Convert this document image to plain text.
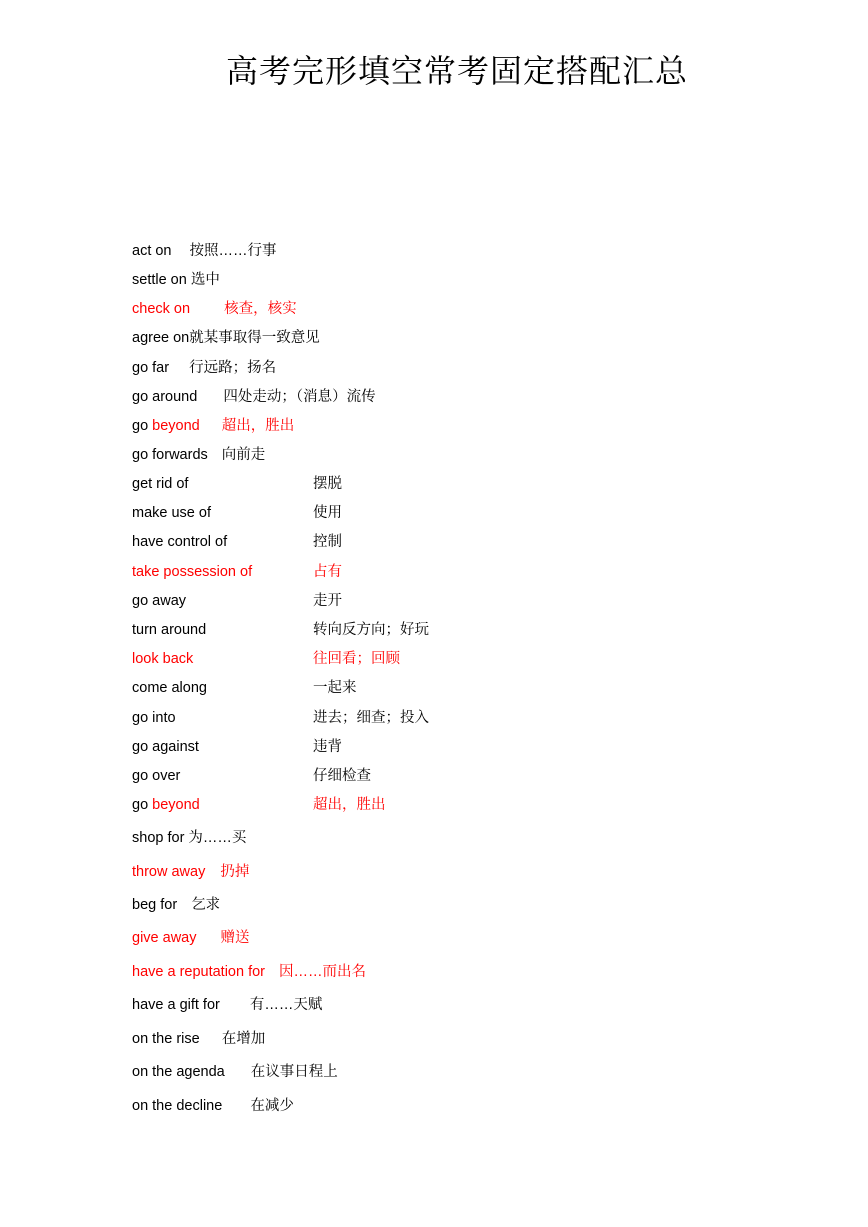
高考完形填空常考固定搭配汇总
act on 按照……行事
settle on 选中
check on 核查，核实
agree on就某事取得一致意见
go far 行远路；扬名
go around 四处走动；（消息）流传
go beyond 超出，胜出
go forwards 向前走
get rid of	摆脱
make use of	使用
have control of	控制
take possession of	占有
go away	走开
turn around	转向反方向；好玩
look back	往回看；回顾
come along	一起来
go into	进去；细查；投入
go against	违背
go over	仔细检查
go beyond	超出，胜出
shop for 为……买
throw away 扔掉
beg for 乞求
give away 赠送
have a reputation for 因……而出名
have a gift for 有……天赋
on the rise 在增加
on the agenda 在议事日程上
on the decline 在减少
